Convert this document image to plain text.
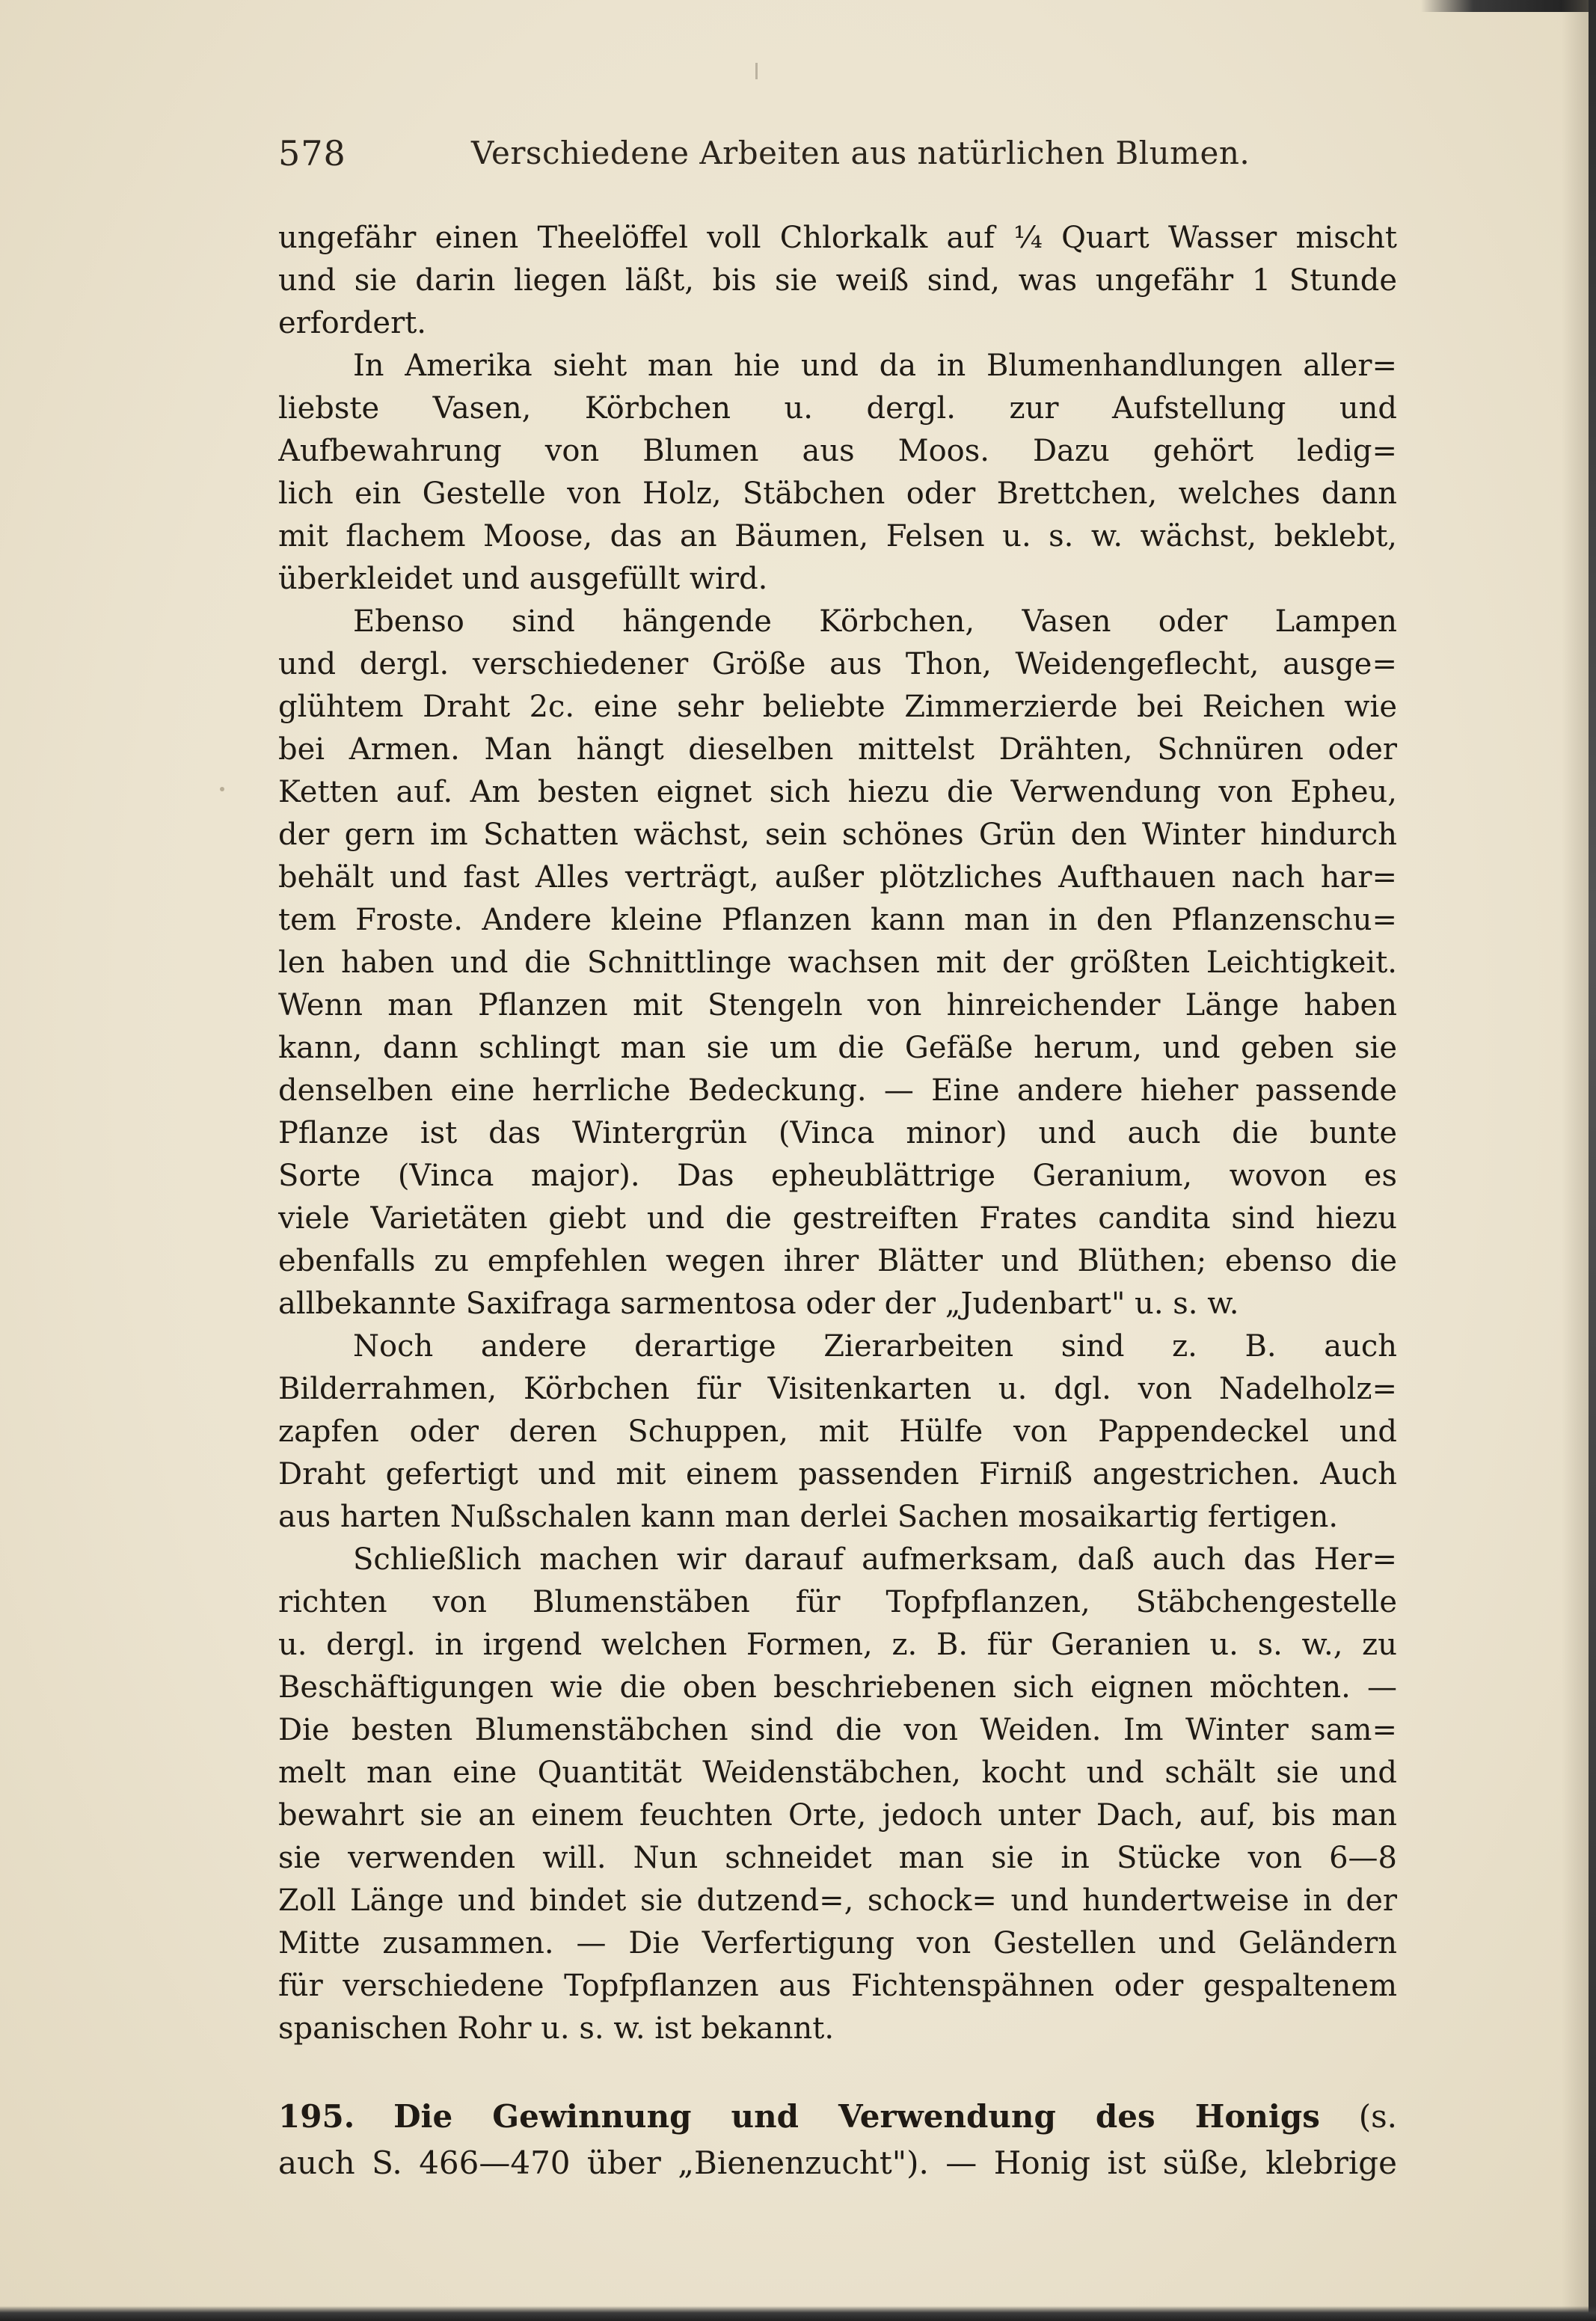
578	Verschiedene Arbeiten aus natürlichen Blumen.
ungefähr einen Theelöffel voll Chlorkalk auf ¼ Quart Wasser mischt
und sie darin liegen läßt, bis sie weiß sind, was ungefähr 1 Stunde
erfordert.
In Amerika sieht man hie und da in Blumenhandlungen aller=
liebste Vasen, Körbchen u. dergl. zur Aufstellung und
Aufbewahrung von Blumen aus Moos. Dazu gehört ledig=
lich ein Gestelle von Holz, Stäbchen oder Brettchen, welches dann
mit flachem Moose, das an Bäumen, Felsen u. s. w. wächst, beklebt,
überkleidet und ausgefüllt wird.
Ebenso sind hängende Körbchen, Vasen oder Lampen
und dergl. verschiedener Größe aus Thon, Weidengeflecht, ausge=
glühtem Draht 2c. eine sehr beliebte Zimmerzierde bei Reichen wie
bei Armen. Man hängt dieselben mittelst Drähten, Schnüren oder
Ketten auf. Am besten eignet sich hiezu die Verwendung von Epheu,
der gern im Schatten wächst, sein schönes Grün den Winter hindurch
behält und fast Alles verträgt, außer plötzliches Aufthauen nach har=
tem Froste. Andere kleine Pflanzen kann man in den Pflanzenschu=
len haben und die Schnittlinge wachsen mit der größten Leichtigkeit.
Wenn man Pflanzen mit Stengeln von hinreichender Länge haben
kann, dann schlingt man sie um die Gefäße herum, und geben sie
denselben eine herrliche Bedeckung. — Eine andere hieher passende
Pflanze ist das Wintergrün (Vinca minor) und auch die bunte
Sorte (Vinca major). Das epheublättrige Geranium, wovon es
viele Varietäten giebt und die gestreiften Frates candita sind hiezu
ebenfalls zu empfehlen wegen ihrer Blätter und Blüthen; ebenso die
allbekannte Saxifraga sarmentosa oder der „Judenbart" u. s. w.
Noch andere derartige Zierarbeiten sind z. B. auch
Bilderrahmen, Körbchen für Visitenkarten u. dgl. von Nadelholz=
zapfen oder deren Schuppen, mit Hülfe von Pappendeckel und
Draht gefertigt und mit einem passenden Firniß angestrichen. Auch
aus harten Nußschalen kann man derlei Sachen mosaikartig fertigen.
Schließlich machen wir darauf aufmerksam, daß auch das Her=
richten von Blumenstäben für Topfpflanzen, Stäbchengestelle
u. dergl. in irgend welchen Formen, z. B. für Geranien u. s. w., zu
Beschäftigungen wie die oben beschriebenen sich eignen möchten. —
Die besten Blumenstäbchen sind die von Weiden. Im Winter sam=
melt man eine Quantität Weidenstäbchen, kocht und schält sie und
bewahrt sie an einem feuchten Orte, jedoch unter Dach, auf, bis man
sie verwenden will. Nun schneidet man sie in Stücke von 6—8
Zoll Länge und bindet sie dutzend=, schock= und hundertweise in der
Mitte zusammen. — Die Verfertigung von Gestellen und Geländern
für verschiedene Topfpflanzen aus Fichtenspähnen oder gespaltenem
spanischen Rohr u. s. w. ist bekannt.
195. Die Gewinnung und Verwendung des Honigs (s.
auch S. 466—470 über „Bienenzucht"). — Honig ist süße, klebrige
